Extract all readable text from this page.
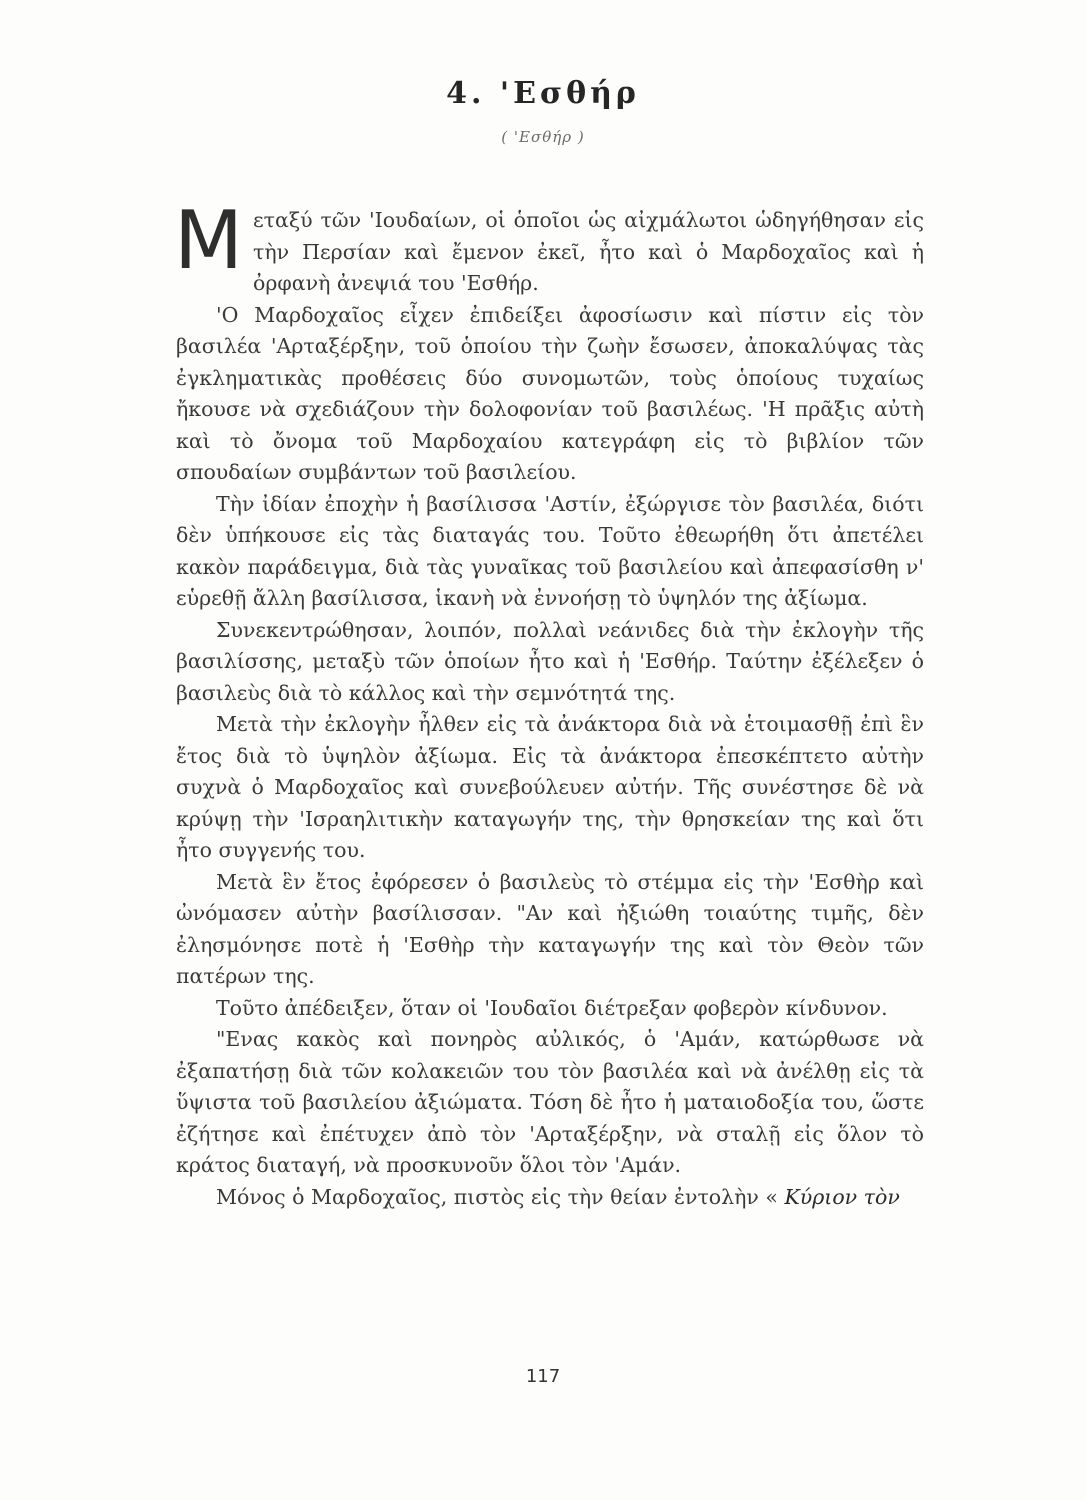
4. 'Εσθήρ
( 'Εσθήρ )

Μεταξύ τῶν 'Ιουδαίων, οἱ ὁποῖοι ὡς αἰχμάλωτοι ὡδηγήθησαν εἰς τὴν Περσίαν καὶ ἔμενον ἐκεῖ, ἦτο καὶ ὁ Μαρδοχαῖος καὶ ἡ ὀρφανὴ ἀνεψιά του 'Εσθήρ.

'Ο Μαρδοχαῖος εἶχεν ἐπιδείξει ἀφοσίωσιν καὶ πίστιν εἰς τὸν βασιλέα 'Αρταξέρξην, τοῦ ὁποίου τὴν ζωὴν ἔσωσεν, ἀποκαλύψας τὰς ἐγκληματικὰς προθέσεις δύο συνομωτῶν, τοὺς ὁποίους τυχαίως ἤκουσε νὰ σχεδιάζουν τὴν δολοφονίαν τοῦ βασιλέως. 'Η πρᾶξις αὐτὴ καὶ τὸ ὄνομα τοῦ Μαρδοχαίου κατεγράφη εἰς τὸ βιβλίον τῶν σπουδαίων συμβάντων τοῦ βασιλείου.

Τὴν ἰδίαν ἐποχὴν ἡ βασίλισσα 'Αστίν, ἐξώργισε τὸν βασιλέα, διότι δὲν ὑπήκουσε εἰς τὰς διαταγάς του. Τοῦτο ἐθεωρήθη ὅτι ἀπετέλει κακὸν παράδειγμα, διὰ τὰς γυναῖκας τοῦ βασιλείου καὶ ἀπεφασίσθη ν' εὑρεθῇ ἄλλη βασίλισσα, ἱκανὴ νὰ ἐννοήσῃ τὸ ὑψηλόν της ἀξίωμα.

Συνεκεντρώθησαν, λοιπόν, πολλαὶ νεάνιδες διὰ τὴν ἐκλογὴν τῆς βασιλίσσης, μεταξὺ τῶν ὁποίων ἦτο καὶ ἡ 'Εσθήρ. Ταύτην ἐξέλεξεν ὁ βασιλεὺς διὰ τὸ κάλλος καὶ τὴν σεμνότητά της.

Μετὰ τὴν ἐκλογὴν ἦλθεν εἰς τὰ ἀνάκτορα διὰ νὰ ἑτοιμασθῇ ἐπὶ ἓν ἔτος διὰ τὸ ὑψηλὸν ἀξίωμα. Εἰς τὰ ἀνάκτορα ἐπεσκέπτετο αὐτὴν συχνὰ ὁ Μαρδοχαῖος καὶ συνεβούλευεν αὐτήν. Τῆς συνέστησε δὲ νὰ κρύψῃ τὴν 'Ισραηλιτικὴν καταγωγήν της, τὴν θρησκείαν της καὶ ὅτι ἦτο συγγενής του.

Μετὰ ἓν ἔτος ἐφόρεσεν ὁ βασιλεὺς τὸ στέμμα εἰς τὴν 'Εσθὴρ καὶ ὠνόμασεν αὐτὴν βασίλισσαν. "Αν καὶ ἠξιώθη τοιαύτης τιμῆς, δὲν ἐλησμόνησε ποτὲ ἡ 'Εσθὴρ τὴν καταγωγήν της καὶ τὸν Θεὸν τῶν πατέρων της.

Τοῦτο ἀπέδειξεν, ὅταν οἱ 'Ιουδαῖοι διέτρεξαν φοβερὸν κίνδυνον.

"Ενας κακὸς καὶ πονηρὸς αὐλικός, ὁ 'Αμάν, κατώρθωσε νὰ ἐξαπατήσῃ διὰ τῶν κολακειῶν του τὸν βασιλέα καὶ νὰ ἀνέλθῃ εἰς τὰ ὕψιστα τοῦ βασιλείου ἀξιώματα. Τόση δὲ ἦτο ἡ ματαιοδοξία του, ὥστε ἐζήτησε καὶ ἐπέτυχεν ἀπὸ τὸν 'Αρταξέρξην, νὰ σταλῇ εἰς ὅλον τὸ κράτος διαταγή, νὰ προσκυνοῦν ὅλοι τὸν 'Αμάν.

Μόνος ὁ Μαρδοχαῖος, πιστὸς εἰς τὴν θείαν ἐντολὴν « Κύριον τὸν

117
